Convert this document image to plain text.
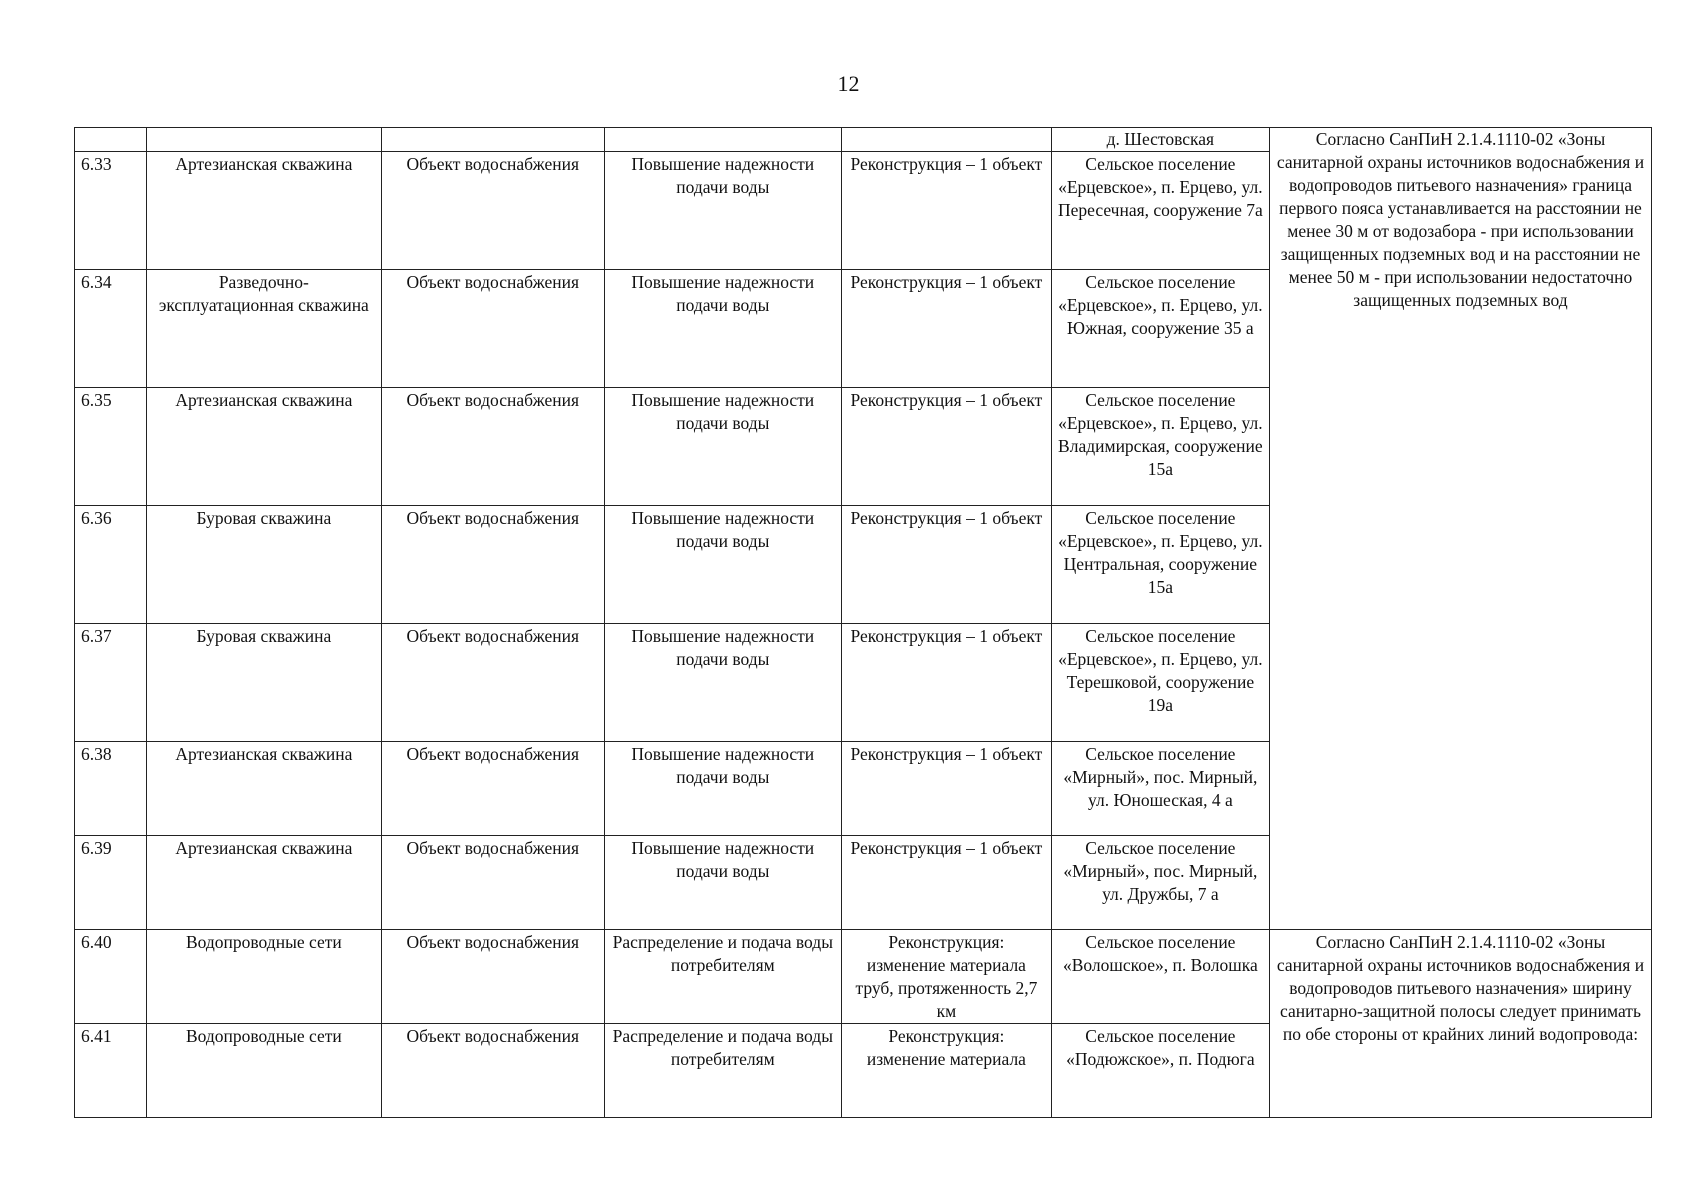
12
					д. Шестовская	Согласно СанПиН 2.1.4.1110-02 «Зоны санитарной охраны источников водоснабжения и водопроводов питьевого назначения» граница первого пояса устанавливается на расстоянии не менее 30 м от водозабора - при использовании защищенных подземных вод и на расстоянии не менее 50 м - при использовании недостаточно защищенных подземных вод
6.33	Артезианская скважина	Объект водоснабжения	Повышение надежности подачи воды	Реконструкция – 1 объект	Сельское поселение «Ерцевское», п. Ерцево, ул. Пересечная, сооружение 7а	
6.34	Разведочно-эксплуатационная скважина	Объект водоснабжения	Повышение надежности подачи воды	Реконструкция – 1 объект	Сельское поселение «Ерцевское», п. Ерцево, ул. Южная, сооружение 35 а	
6.35	Артезианская скважина	Объект водоснабжения	Повышение надежности подачи воды	Реконструкция – 1 объект	Сельское поселение «Ерцевское», п. Ерцево, ул. Владимирская, сооружение 15а	
6.36	Буровая скважина	Объект водоснабжения	Повышение надежности подачи воды	Реконструкция – 1 объект	Сельское поселение «Ерцевское», п. Ерцево, ул. Центральная, сооружение 15а	
6.37	Буровая скважина	Объект водоснабжения	Повышение надежности подачи воды	Реконструкция – 1 объект	Сельское поселение «Ерцевское», п. Ерцево, ул. Терешковой, сооружение 19а	
6.38	Артезианская скважина	Объект водоснабжения	Повышение надежности подачи воды	Реконструкция – 1 объект	Сельское поселение «Мирный», пос. Мирный, ул. Юношеская, 4 а	
6.39	Артезианская скважина	Объект водоснабжения	Повышение надежности подачи воды	Реконструкция – 1 объект	Сельское поселение «Мирный», пос. Мирный, ул. Дружбы, 7 а	
6.40	Водопроводные сети	Объект водоснабжения	Распределение и подача воды потребителям	Реконструкция: изменение материала труб, протяженность 2,7 км	Сельское поселение «Волошское», п. Волошка	Согласно СанПиН 2.1.4.1110-02 «Зоны санитарной охраны источников водоснабжения и водопроводов питьевого назначения» ширину санитарно-защитной полосы следует принимать по обе стороны от крайних линий водопровода:
6.41	Водопроводные сети	Объект водоснабжения	Распределение и подача воды потребителям	Реконструкция: изменение материала	Сельское поселение «Подюжское», п. Подюга	
